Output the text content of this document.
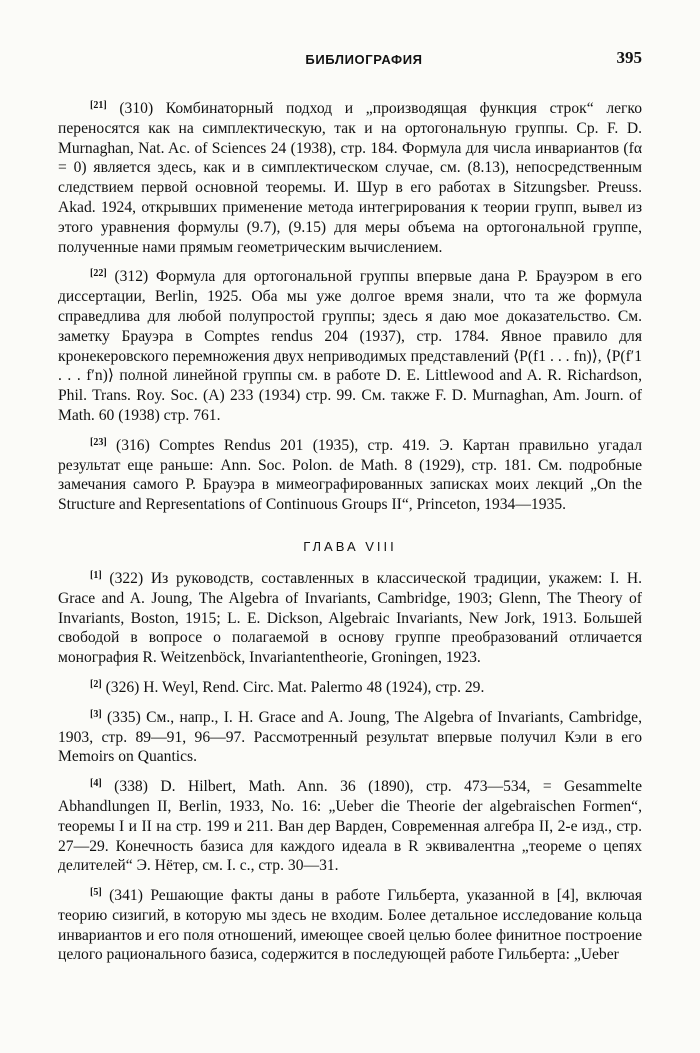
БИБЛИОГРАФИЯ	395

[21] (310) Комбинаторный подход и „производящая функция строк“ легко переносятся как на симплектическую, так и на ортогональную группы. Ср. F. D. Murnaghan, Nat. Ac. of Sciences 24 (1938), стр. 184. Формула для числа инвариантов (fα = 0) является здесь, как и в симплектическом случае, см. (8.13), непосредственным следствием первой основной теоремы. И. Шур в его работах в Sitzungsber. Preuss. Akad. 1924, открывших применение метода интегрирования к теории групп, вывел из этого уравнения формулы (9.7), (9.15) для меры объема на ортогональной группе, полученные нами прямым геометрическим вычислением.

[22] (312) Формула для ортогональной группы впервые дана Р. Брауэром в его диссертации, Berlin, 1925. Оба мы уже долгое время знали, что та же формула справедлива для любой полупростой группы; здесь я даю мое доказательство. См. заметку Брауэра в Comptes rendus 204 (1937), стр. 1784. Явное правило для кронекеровского перемножения двух неприводимых представлений ⟨P(f1 . . . fn)⟩, ⟨P(f′1 . . . f′n)⟩ полной линейной группы см. в работе D. E. Littlewood and A. R. Richardson, Phil. Trans. Roy. Soc. (A) 233 (1934) стр. 99. См. также F. D. Murnaghan, Am. Journ. of Math. 60 (1938) стр. 761.

[23] (316) Comptes Rendus 201 (1935), стр. 419. Э. Картан правильно угадал результат еще раньше: Ann. Soc. Polon. de Math. 8 (1929), стр. 181. См. подробные замечания самого Р. Брауэра в мимеографированных записках моих лекций „On the Structure and Representations of Continuous Groups II“, Princeton, 1934—1935.

ГЛАВА VIII

[1] (322) Из руководств, составленных в классической традиции, укажем: I. H. Grace and A. Joung, The Algebra of Invariants, Cambridge, 1903; Glenn, The Theory of Invariants, Boston, 1915; L. E. Dickson, Algebraic Invariants, New Jork, 1913. Большей свободой в вопросе о полагаемой в основу группе преобразований отличается монография R. Weitzenböck, Invariantentheorie, Groningen, 1923.

[2] (326) H. Weyl, Rend. Circ. Mat. Palermo 48 (1924), стр. 29.

[3] (335) См., напр., I. H. Grace and A. Joung, The Algebra of Invariants, Cambridge, 1903, стр. 89—91, 96—97. Рассмотренный результат впервые получил Кэли в его Memoirs on Quantics.

[4] (338) D. Hilbert, Math. Ann. 36 (1890), стр. 473—534, = Gesammelte Abhandlungen II, Berlin, 1933, No. 16: „Ueber die Theorie der algebraischen Formen“, теоремы I и II на стр. 199 и 211. Ван дер Варден, Современная алгебра II, 2-е изд., стр. 27—29. Конечность базиса для каждого идеала в R эквивалентна „теореме о цепях делителей“ Э. Нётер, см. I. с., стр. 30—31.

[5] (341) Решающие факты даны в работе Гильберта, указанной в [4], включая теорию сизигий, в которую мы здесь не входим. Более детальное исследование кольца инвариантов и его поля отношений, имеющее своей целью более финитное построение целого рационального базиса, содержится в последующей работе Гильберта: „Ueber
